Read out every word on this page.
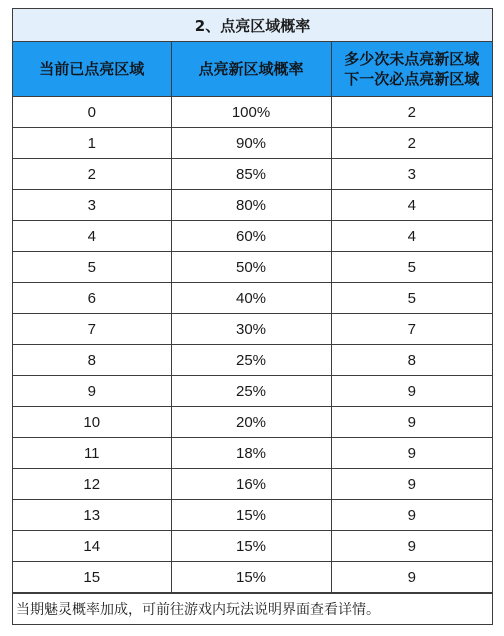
2、点亮区域概率
当前已点亮区域	点亮新区域概率	多少次未点亮新区域
下一次必点亮新区域

0	100%	2
1	90%	2
2	85%	3
3	80%	4
4	60%	4
5	50%	5
6	40%	5
7	30%	7
8	25%	8
9	25%	9
10	20%	9
11	18%	9
12	16%	9
13	15%	9
14	15%	9
15	15%	9
当期魅灵概率加成，可前往游戏内玩法说明界面查看详情。
